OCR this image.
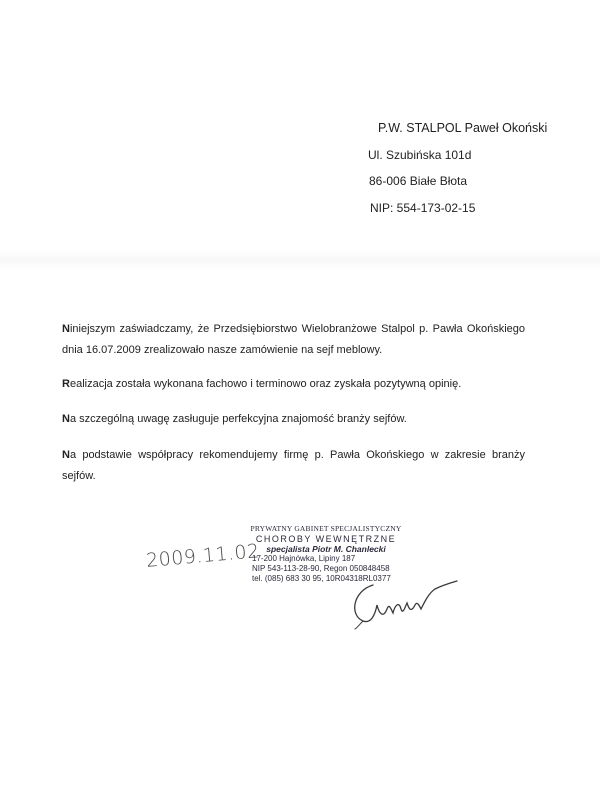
P.W. STALPOL Paweł Okoński
Ul. Szubińska 101d
86-006 Białe Błota
NIP: 554-173-02-15
Niniejszym zaświadczamy, że Przedsiębiorstwo Wielobranżowe Stalpol p. Pawła Okońskiego dnia 16.07.2009 zrealizowało nasze zamówienie na sejf meblowy.
Realizacja została wykonana fachowo i terminowo oraz zyskała pozytywną opinię.
Na szczególną uwagę zasługuje perfekcyjna znajomość branży sejfów.
Na podstawie współpracy rekomendujemy firmę p. Pawła Okońskiego w zakresie branży sejfów.
2009.11.02
PRYWATNY GABINET SPECJALISTYCZNY
CHOROBY WEWNĘTRZNE
specjalista Piotr M. Chanlecki
17-200 Hajnówka, Lipiny 187
NIP 543-113-28-90, Regon 050848458
tel. (085) 683 30 95, 10R04318RL0377
